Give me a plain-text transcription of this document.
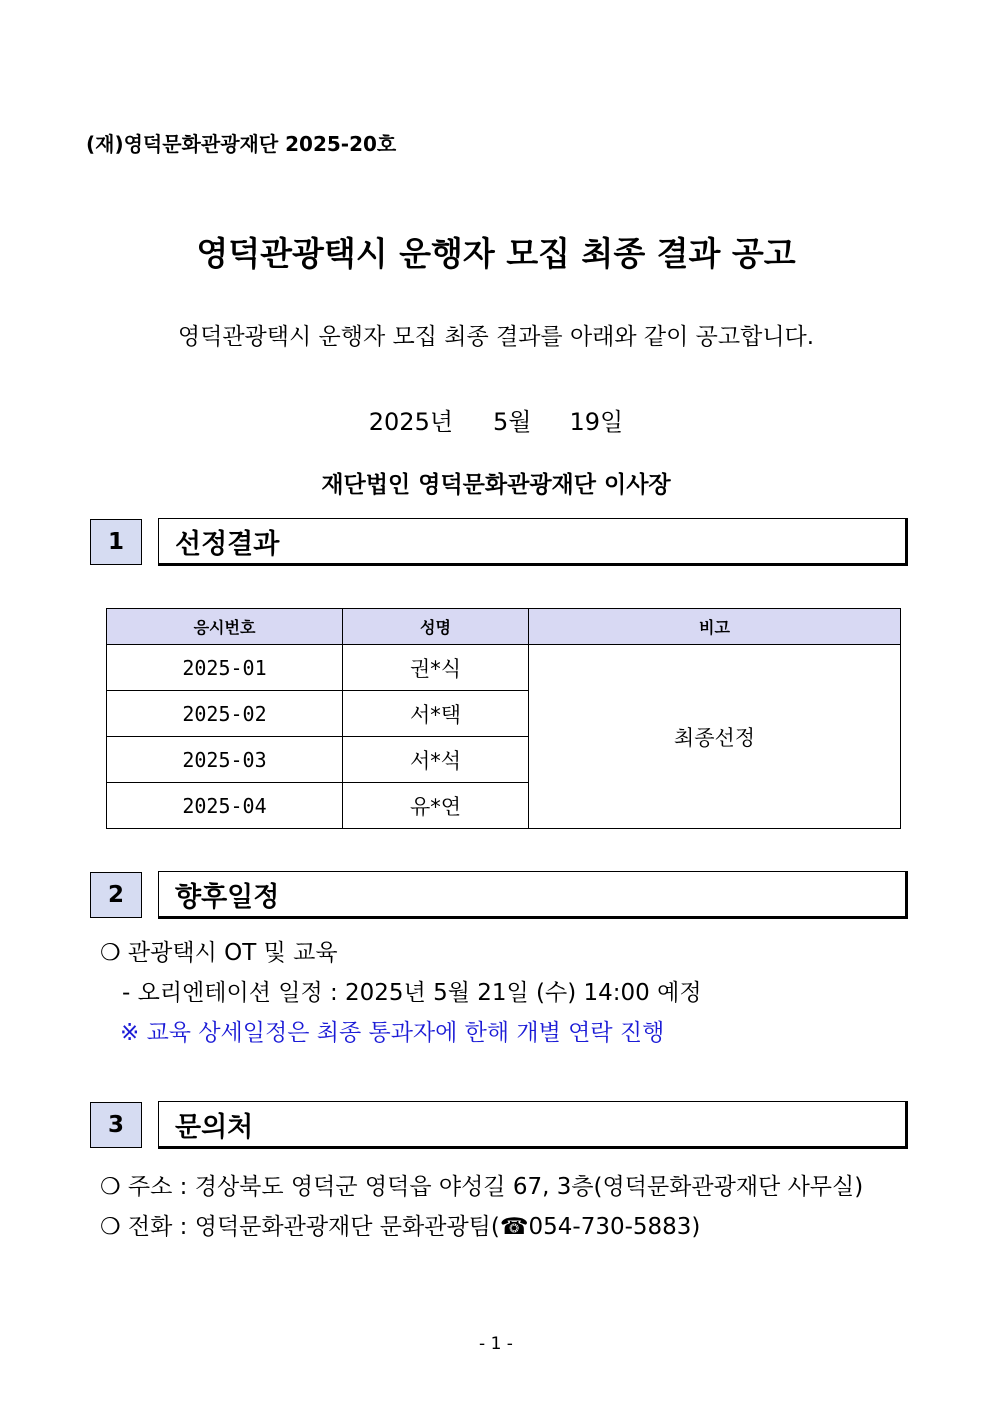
(재)영덕문화관광재단 2025-20호
영덕관광택시 운행자 모집 최종 결과 공고
영덕관광택시 운행자 모집 최종 결과를 아래와 같이 공고합니다.
2025년 5월 19일
재단법인 영덕문화관광재단 이사장
1	선정결과
응시번호	성명	비고
2025-01	권*식	최종선정
2025-02	서*택	
2025-03	서*석	
2025-04	유*연	
2	향후일정
❍ 관광택시 OT 및 교육
- 오리엔테이션 일정 : 2025년 5월 21일 (수) 14:00 예정
※ 교육 상세일정은 최종 통과자에 한해 개별 연락 진행
3	문의처
❍ 주소 : 경상북도 영덕군 영덕읍 야성길 67, 3층(영덕문화관광재단 사무실)
❍ 전화 : 영덕문화관광재단 문화관광팀(☎054-730-5883)
- 1 -
